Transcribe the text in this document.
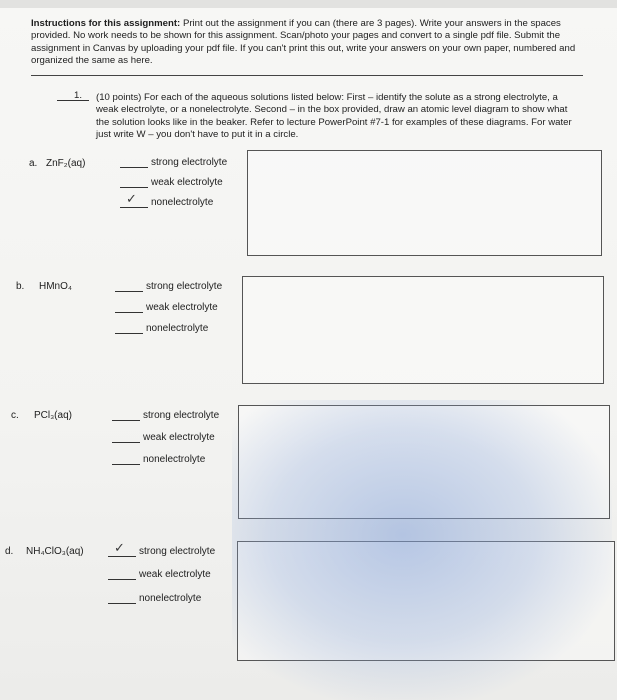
Instructions for this assignment: Print out the assignment if you can (there are 3 pages). Write your answers in the spaces provided. No work needs to be shown for this assignment. Scan/photo your pages and convert to a single pdf file. Submit the assignment in Canvas by uploading your pdf file. If you can't print this out, write your answers on your own paper, numbered and organized the same as here.
1. (10 points) For each of the aqueous solutions listed below: First – identify the solute as a strong electrolyte, a weak electrolyte, or a nonelectrolyte. Second – in the box provided, draw an atomic level diagram to show what the solution looks like in the beaker. Refer to lecture PowerPoint #7-1 for examples of these diagrams. For water just write W – you don't have to put it in a circle.
a. ZnF₂(aq)	strong electrolyte
weak electrolyte
✓ nonelectrolyte
b. HMnO₄	strong electrolyte
weak electrolyte
nonelectrolyte
c. PCl₃(aq)	strong electrolyte
weak electrolyte
nonelectrolyte
d. NH₄ClO₃(aq) ✓ strong electrolyte
weak electrolyte
nonelectrolyte
